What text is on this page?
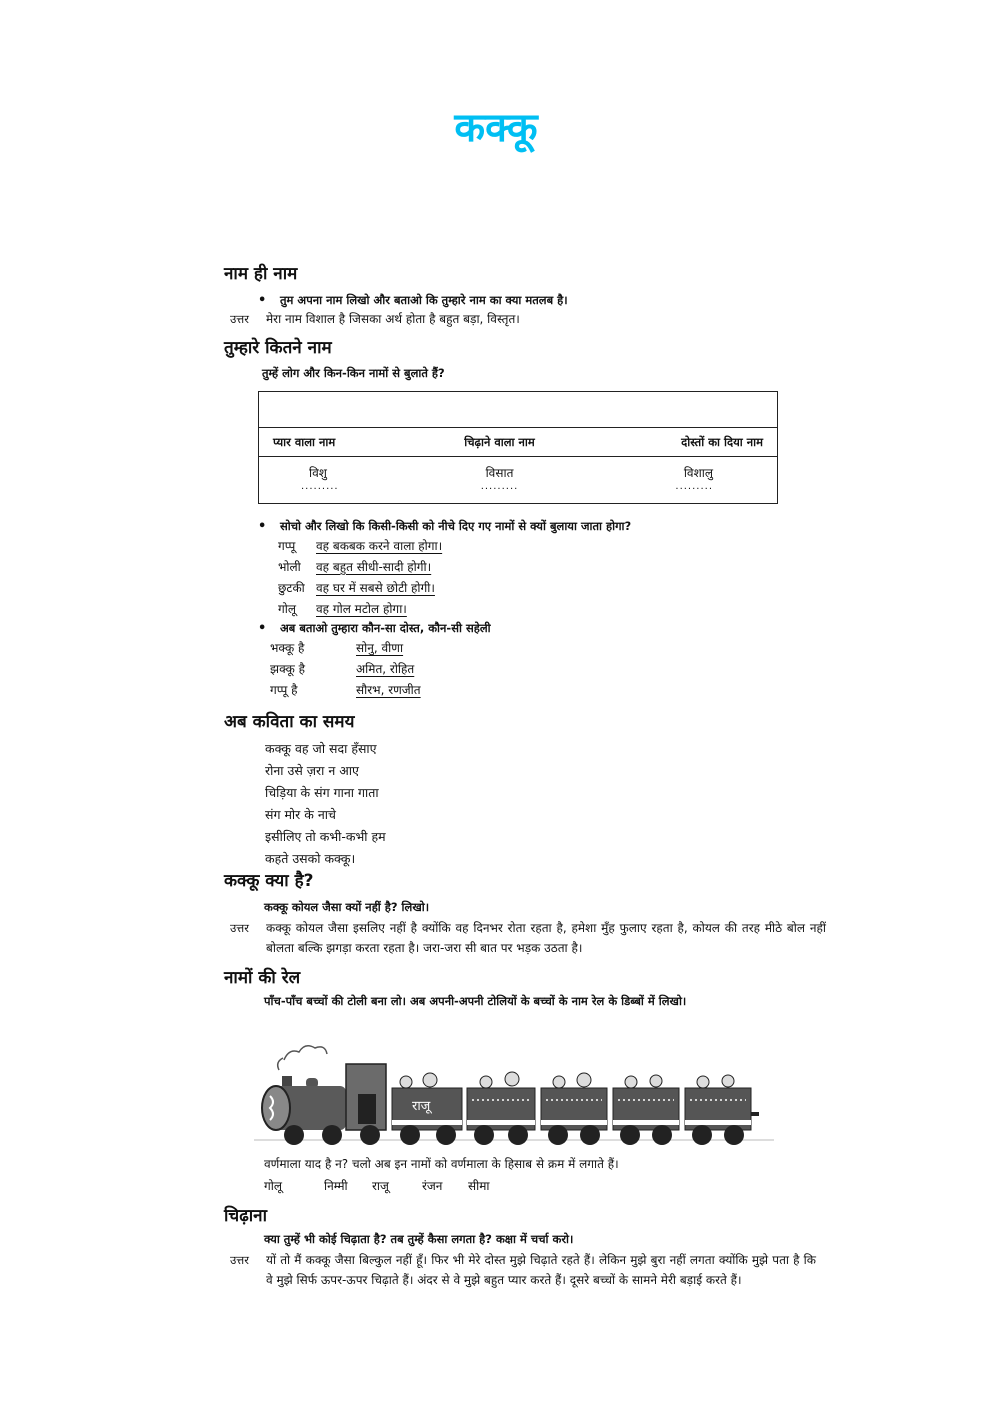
कक्कू
नाम ही नाम
• तुम अपना नाम लिखो और बताओ कि तुम्हारे नाम का क्या मतलब है।
उत्तर	मेरा नाम विशाल है जिसका अर्थ होता है बहुत बड़ा, विस्तृत।
तुम्हारे कितने नाम
तुम्हें लोग और किन-किन नामों से बुलाते हैं?

प्यार वाला नाम	चिढ़ाने वाला नाम	दोस्तों का दिया नाम
विशु	विसात	विशालु
.........	.........	.........
• सोचो और लिखो कि किसी-किसी को नीचे दिए गए नामों से क्यों बुलाया जाता होगा?
गप्पू	वह बकबक करने वाला होगा।
भोली	वह बहुत सीधी-सादी होगी।
छुटकी वह घर में सबसे छोटी होगी।
गोलू	वह गोल मटोल होगा।
• अब बताओ तुम्हारा कौन-सा दोस्त, कौन-सी सहेली
भक्कू है	सोनु, वीणा
झक्कू है	अमित, रोहित
गप्पू है	सौरभ, रणजीत
अब कविता का समय
कक्कू वह जो सदा हँसाए
रोना उसे ज़रा न आए
चिड़िया के संग गाना गाता
संग मोर के नाचे
इसीलिए तो कभी-कभी हम
कहते उसको कक्कू।
कक्कू क्या है?
कक्कू कोयल जैसा क्यों नहीं है? लिखो।
उत्तर	कक्कू कोयल जैसा इसलिए नहीं है क्योंकि वह दिनभर रोता रहता है, हमेशा मुँह फुलाए रहता है, कोयल की तरह मीठे बोल नहीं बोलता बल्कि झगड़ा करता रहता है। जरा-जरा सी बात पर भड़क उठता है।
नामों की रेल
पाँच-पाँच बच्चों की टोली बना लो। अब अपनी-अपनी टोलियों के बच्चों के नाम रेल के डिब्बों में लिखो।
राजू
वर्णमाला याद है न? चलो अब इन नामों को वर्णमाला के हिसाब से क्रम में लगाते हैं।
गोलू	निम्मी	राजू	रंजन	सीमा
चिढ़ाना
क्या तुम्हें भी कोई चिढ़ाता है? तब तुम्हें कैसा लगता है? कक्षा में चर्चा करो।
उत्तर	यों तो मैं कक्कू जैसा बिल्कुल नहीं हूँ। फिर भी मेरे दोस्त मुझे चिढ़ाते रहते हैं। लेकिन मुझे बुरा नहीं लगता क्योंकि मुझे पता है कि वे मुझे सिर्फ ऊपर-ऊपर चिढ़ाते हैं। अंदर से वे मुझे बहुत प्यार करते हैं। दूसरे बच्चों के सामने मेरी बड़ाई करते हैं।
